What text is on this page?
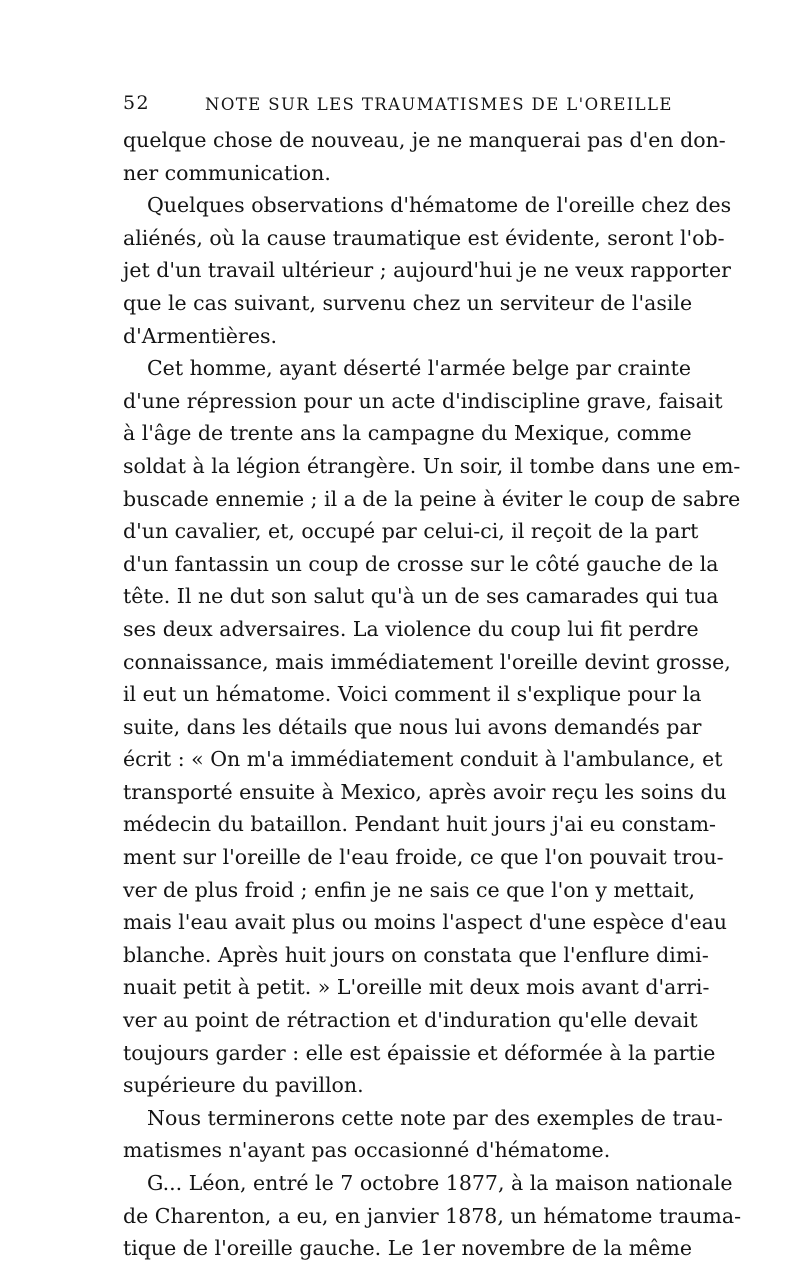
52	NOTE SUR LES TRAUMATISMES DE L'OREILLE
quelque chose de nouveau, je ne manquerai pas d'en don-
ner communication.
Quelques observations d'hématome de l'oreille chez des
aliénés, où la cause traumatique est évidente, seront l'ob-
jet d'un travail ultérieur ; aujourd'hui je ne veux rapporter
que le cas suivant, survenu chez un serviteur de l'asile
d'Armentières.
Cet homme, ayant déserté l'armée belge par crainte
d'une répression pour un acte d'indiscipline grave, faisait
à l'âge de trente ans la campagne du Mexique, comme
soldat à la légion étrangère. Un soir, il tombe dans une em-
buscade ennemie ; il a de la peine à éviter le coup de sabre
d'un cavalier, et, occupé par celui-ci, il reçoit de la part
d'un fantassin un coup de crosse sur le côté gauche de la
tête. Il ne dut son salut qu'à un de ses camarades qui tua
ses deux adversaires. La violence du coup lui fit perdre
connaissance, mais immédiatement l'oreille devint grosse,
il eut un hématome. Voici comment il s'explique pour la
suite, dans les détails que nous lui avons demandés par
écrit : « On m'a immédiatement conduit à l'ambulance, et
transporté ensuite à Mexico, après avoir reçu les soins du
médecin du bataillon. Pendant huit jours j'ai eu constam-
ment sur l'oreille de l'eau froide, ce que l'on pouvait trou-
ver de plus froid ; enfin je ne sais ce que l'on y mettait,
mais l'eau avait plus ou moins l'aspect d'une espèce d'eau
blanche. Après huit jours on constata que l'enflure dimi-
nuait petit à petit. » L'oreille mit deux mois avant d'arri-
ver au point de rétraction et d'induration qu'elle devait
toujours garder : elle est épaissie et déformée à la partie
supérieure du pavillon.
Nous terminerons cette note par des exemples de trau-
matismes n'ayant pas occasionné d'hématome.
G... Léon, entré le 7 octobre 1877, à la maison nationale
de Charenton, a eu, en janvier 1878, un hématome trauma-
tique de l'oreille gauche. Le 1er novembre de la même
